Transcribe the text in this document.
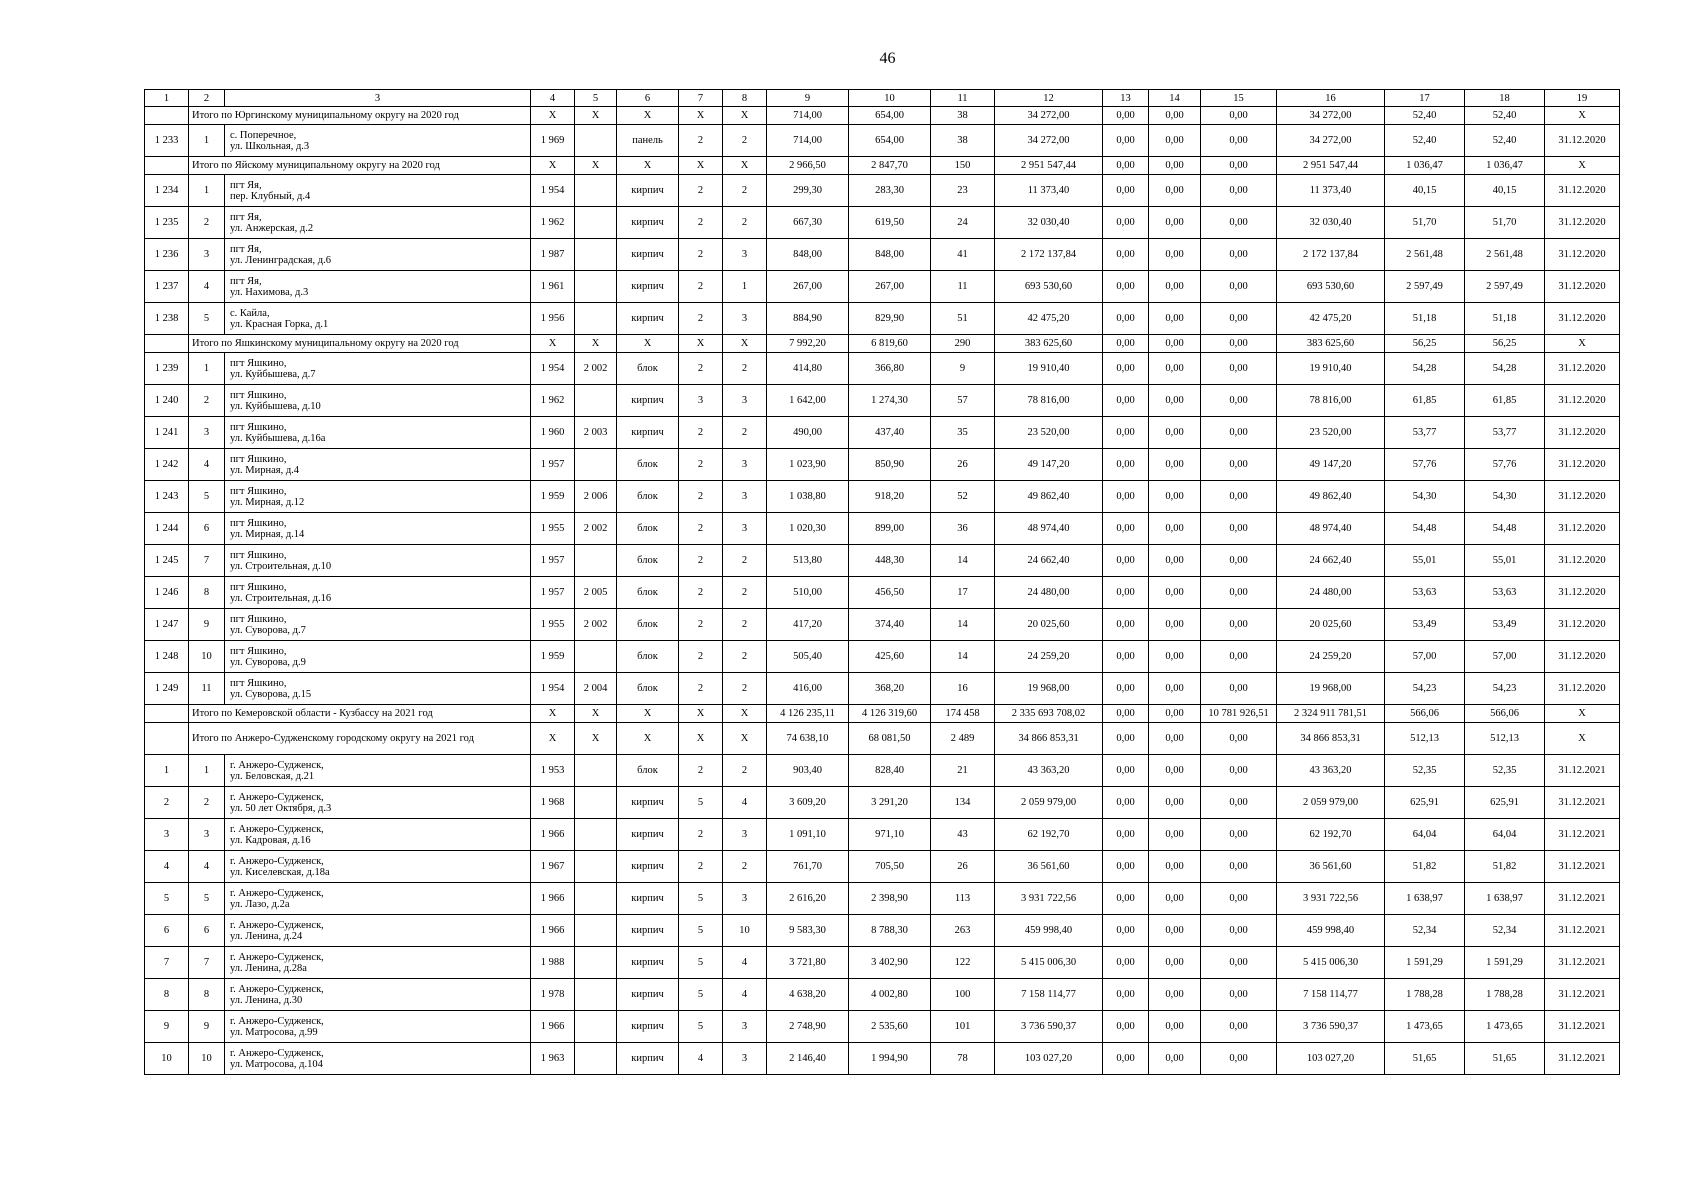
46
1	2	3	4	5	6	7	8	9	10	11	12	13	14	15	16	17	18	19
	Итого по Юргинскому муниципальному округу на 2020 год		X	X	X	X	X	714,00	654,00	38	34 272,00	0,00	0,00	0,00	34 272,00	52,40	52,40	X
1 233	1	с. Поперечное,
ул. Школьная, д.3	1 969		панель	2	2	714,00	654,00	38	34 272,00	0,00	0,00	0,00	34 272,00	52,40	52,40	31.12.2020
	Итого по Яйскому муниципальному округу на 2020 год		X	X	X	X	X	2 966,50	2 847,70	150	2 951 547,44	0,00	0,00	0,00	2 951 547,44	1 036,47	1 036,47	X
1 234	1	пгт Яя,
пер. Клубный, д.4	1 954		кирпич	2	2	299,30	283,30	23	11 373,40	0,00	0,00	0,00	11 373,40	40,15	40,15	31.12.2020
1 235	2	пгт Яя,
ул. Анжерская, д.2	1 962		кирпич	2	2	667,30	619,50	24	32 030,40	0,00	0,00	0,00	32 030,40	51,70	51,70	31.12.2020
1 236	3	пгт Яя,
ул. Ленинградская, д.6	1 987		кирпич	2	3	848,00	848,00	41	2 172 137,84	0,00	0,00	0,00	2 172 137,84	2 561,48	2 561,48	31.12.2020
1 237	4	пгт Яя,
ул. Нахимова, д.3	1 961		кирпич	2	1	267,00	267,00	11	693 530,60	0,00	0,00	0,00	693 530,60	2 597,49	2 597,49	31.12.2020
1 238	5	с. Кайла,
ул. Красная Горка, д.1	1 956		кирпич	2	3	884,90	829,90	51	42 475,20	0,00	0,00	0,00	42 475,20	51,18	51,18	31.12.2020
	Итого по Яшкинскому муниципальному округу на 2020 год		X	X	X	X	X	7 992,20	6 819,60	290	383 625,60	0,00	0,00	0,00	383 625,60	56,25	56,25	X
1 239	1	пгт Яшкино,
ул. Куйбышева, д.7	1 954	2 002	блок	2	2	414,80	366,80	9	19 910,40	0,00	0,00	0,00	19 910,40	54,28	54,28	31.12.2020
1 240	2	пгт Яшкино,
ул. Куйбышева, д.10	1 962		кирпич	3	3	1 642,00	1 274,30	57	78 816,00	0,00	0,00	0,00	78 816,00	61,85	61,85	31.12.2020
1 241	3	пгт Яшкино,
ул. Куйбышева, д.16а	1 960	2 003	кирпич	2	2	490,00	437,40	35	23 520,00	0,00	0,00	0,00	23 520,00	53,77	53,77	31.12.2020
1 242	4	пгт Яшкино,
ул. Мирная, д.4	1 957		блок	2	3	1 023,90	850,90	26	49 147,20	0,00	0,00	0,00	49 147,20	57,76	57,76	31.12.2020
1 243	5	пгт Яшкино,
ул. Мирная, д.12	1 959	2 006	блок	2	3	1 038,80	918,20	52	49 862,40	0,00	0,00	0,00	49 862,40	54,30	54,30	31.12.2020
1 244	6	пгт Яшкино,
ул. Мирная, д.14	1 955	2 002	блок	2	3	1 020,30	899,00	36	48 974,40	0,00	0,00	0,00	48 974,40	54,48	54,48	31.12.2020
1 245	7	пгт Яшкино,
ул. Строительная, д.10	1 957		блок	2	2	513,80	448,30	14	24 662,40	0,00	0,00	0,00	24 662,40	55,01	55,01	31.12.2020
1 246	8	пгт Яшкино,
ул. Строительная, д.16	1 957	2 005	блок	2	2	510,00	456,50	17	24 480,00	0,00	0,00	0,00	24 480,00	53,63	53,63	31.12.2020
1 247	9	пгт Яшкино,
ул. Суворова, д.7	1 955	2 002	блок	2	2	417,20	374,40	14	20 025,60	0,00	0,00	0,00	20 025,60	53,49	53,49	31.12.2020
1 248	10	пгт Яшкино,
ул. Суворова, д.9	1 959		блок	2	2	505,40	425,60	14	24 259,20	0,00	0,00	0,00	24 259,20	57,00	57,00	31.12.2020
1 249	11	пгт Яшкино,
ул. Суворова, д.15	1 954	2 004	блок	2	2	416,00	368,20	16	19 968,00	0,00	0,00	0,00	19 968,00	54,23	54,23	31.12.2020
	Итого по Кемеровской области - Кузбассу на 2021 год		X	X	X	X	X	4 126 235,11	4 126 319,60	174 458	2 335 693 708,02	0,00	0,00	10 781 926,51	2 324 911 781,51	566,06	566,06	X
	Итого по Анжеро-Судженскому городскому округу на 2021 год		X	X	X	X	X	74 638,10	68 081,50	2 489	34 866 853,31	0,00	0,00	0,00	34 866 853,31	512,13	512,13	X
1	1	г. Анжеро-Судженск,
ул. Беловская, д.21	1 953		блок	2	2	903,40	828,40	21	43 363,20	0,00	0,00	0,00	43 363,20	52,35	52,35	31.12.2021
2	2	г. Анжеро-Судженск,
ул. 50 лет Октября, д.3	1 968		кирпич	5	4	3 609,20	3 291,20	134	2 059 979,00	0,00	0,00	0,00	2 059 979,00	625,91	625,91	31.12.2021
3	3	г. Анжеро-Судженск,
ул. Кадровая, д.16	1 966		кирпич	2	3	1 091,10	971,10	43	62 192,70	0,00	0,00	0,00	62 192,70	64,04	64,04	31.12.2021
4	4	г. Анжеро-Судженск,
ул. Киселевская, д.18а	1 967		кирпич	2	2	761,70	705,50	26	36 561,60	0,00	0,00	0,00	36 561,60	51,82	51,82	31.12.2021
5	5	г. Анжеро-Судженск,
ул. Лазо, д.2а	1 966		кирпич	5	3	2 616,20	2 398,90	113	3 931 722,56	0,00	0,00	0,00	3 931 722,56	1 638,97	1 638,97	31.12.2021
6	6	г. Анжеро-Судженск,
ул. Ленина, д.24	1 966		кирпич	5	10	9 583,30	8 788,30	263	459 998,40	0,00	0,00	0,00	459 998,40	52,34	52,34	31.12.2021
7	7	г. Анжеро-Судженск,
ул. Ленина, д.28а	1 988		кирпич	5	4	3 721,80	3 402,90	122	5 415 006,30	0,00	0,00	0,00	5 415 006,30	1 591,29	1 591,29	31.12.2021
8	8	г. Анжеро-Судженск,
ул. Ленина, д.30	1 978		кирпич	5	4	4 638,20	4 002,80	100	7 158 114,77	0,00	0,00	0,00	7 158 114,77	1 788,28	1 788,28	31.12.2021
9	9	г. Анжеро-Судженск,
ул. Матросова, д.99	1 966		кирпич	5	3	2 748,90	2 535,60	101	3 736 590,37	0,00	0,00	0,00	3 736 590,37	1 473,65	1 473,65	31.12.2021
10	10	г. Анжеро-Судженск,
ул. Матросова, д.104	1 963		кирпич	4	3	2 146,40	1 994,90	78	103 027,20	0,00	0,00	0,00	103 027,20	51,65	51,65	31.12.2021
